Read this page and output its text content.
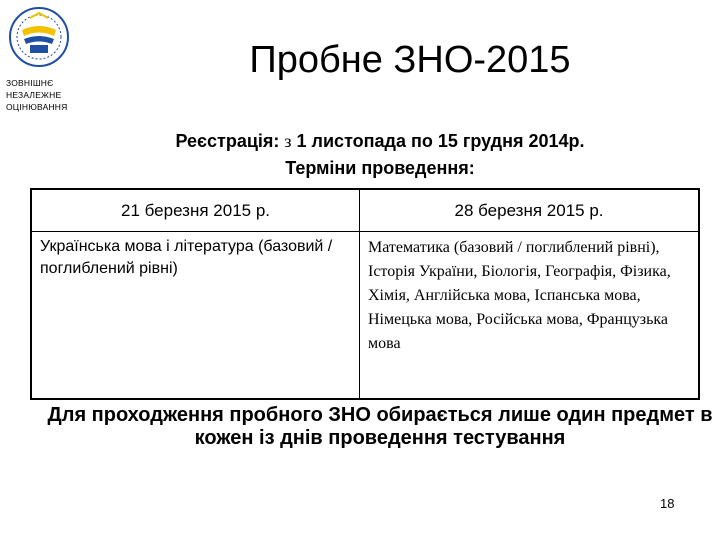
ЗОВНІШНЄ
НЕЗАЛЕЖНЕ
ОЦІНЮВАННЯ
Пробне ЗНО-2015
Реєстрація: з 1 листопада по 15 грудня 2014р.
Терміни проведення:
21 березня 2015 р.	28 березня 2015 р.

Українська мова і література (базовий / поглиблений рівні)	Математика (базовий / поглиблений рівні), Історія України, Біологія, Географія, Фізика, Хімія, Англійська мова, Іспанська мова, Німецька мова, Російська мова, Французька мова
Для проходження пробного ЗНО обирається лише один предмет в кожен із днів проведення тестування
18
